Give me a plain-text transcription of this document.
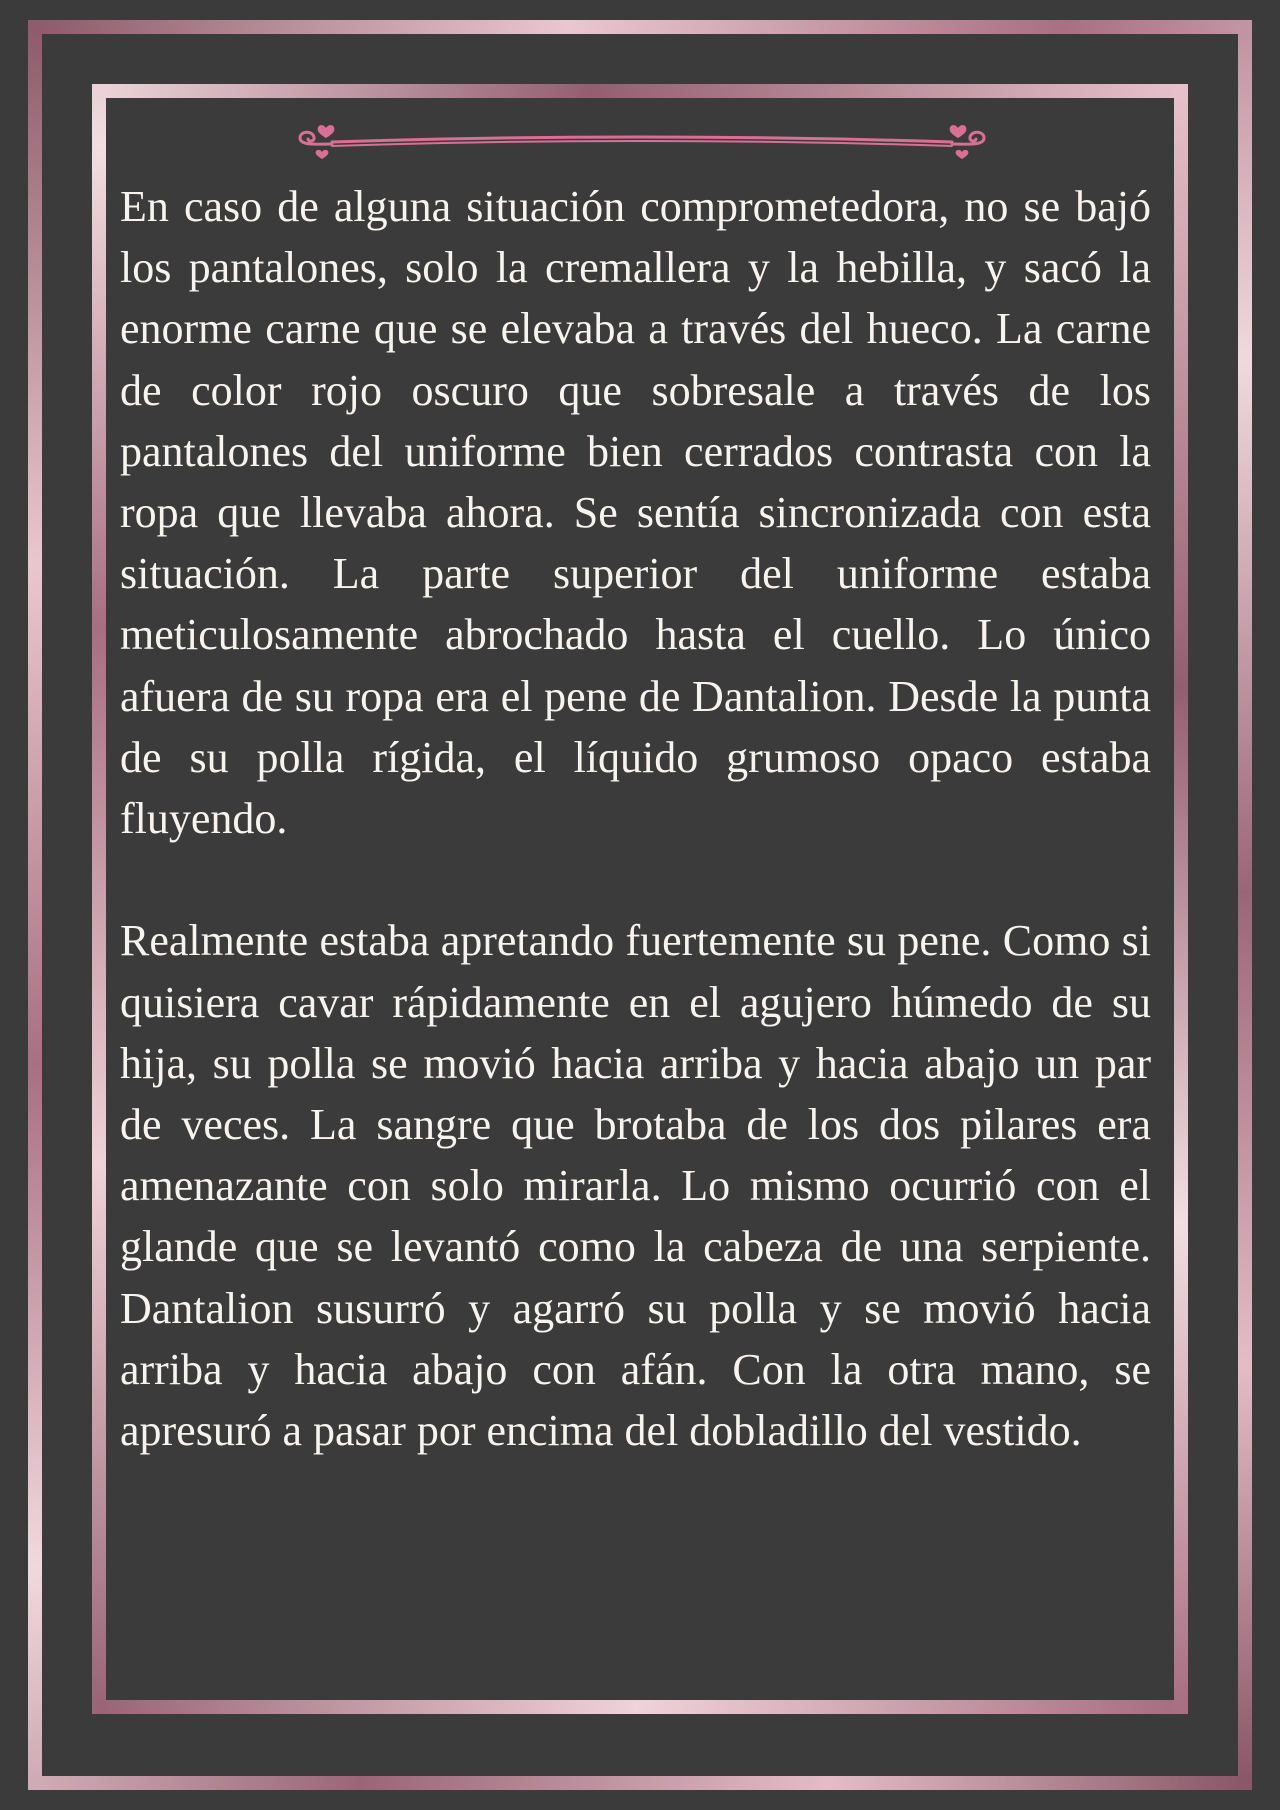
En caso de alguna situación comprometedora, no se bajó los pantalones, solo la cremallera y la hebilla, y sacó la enorme carne que se elevaba a través del hueco. La carne de color rojo oscuro que sobresale a través de los pantalones del uniforme bien cerrados contrasta con la ropa que llevaba ahora. Se sentía sincronizada con esta situación. La parte superior del uniforme estaba meticulosamente abrochado hasta el cuello. Lo único afuera de su ropa era el pene de Dantalion. Desde la punta de su polla rígida, el líquido grumoso opaco estaba fluyendo.

Realmente estaba apretando fuertemente su pene. Como si quisiera cavar rápidamente en el agujero húmedo de su hija, su polla se movió hacia arriba y hacia abajo un par de veces. La sangre que brotaba de los dos pilares era amenazante con solo mirarla. Lo mismo ocurrió con el glande que se levantó como la cabeza de una serpiente. Dantalion susurró y agarró su polla y se movió hacia arriba y hacia abajo con afán. Con la otra mano, se apresuró a pasar por encima del dobladillo del vestido.
